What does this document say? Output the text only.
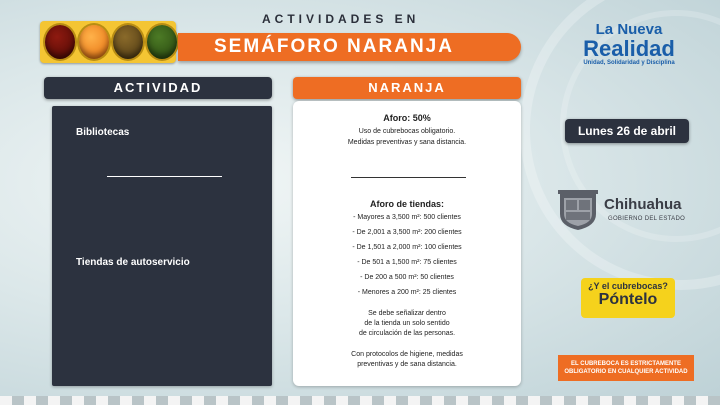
ACTIVIDADES EN
SEMÁFORO NARANJA
La Nueva
Realidad
Unidad, Solidaridad y Disciplina
ACTIVIDAD	NARANJA
Bibliotecas
Tiendas de autoservicio
Aforo: 50%
Uso de cubrebocas obligatorio.
Medidas preventivas y sana distancia.
Aforo de tiendas:
- Mayores a 3,500 m²: 500 clientes
- De 2,001 a 3,500 m²: 200 clientes
- De 1,501 a 2,000 m²: 100 clientes
- De 501 a 1,500 m²: 75 clientes
- De 200 a 500 m²: 50 clientes
- Menores a 200 m²: 25 clientes
Se debe señalizar dentro
de la tienda un solo sentido
de circulación de las personas.
Con protocolos de higiene, medidas
preventivas y de sana distancia.
Lunes 26 de abril
Chihuahua
GOBIERNO DEL ESTADO
¿Y el cubrebocas?
Póntelo
EL CUBREBOCA ES ESTRICTAMENTE
OBLIGATORIO EN CUALQUIER ACTIVIDAD
